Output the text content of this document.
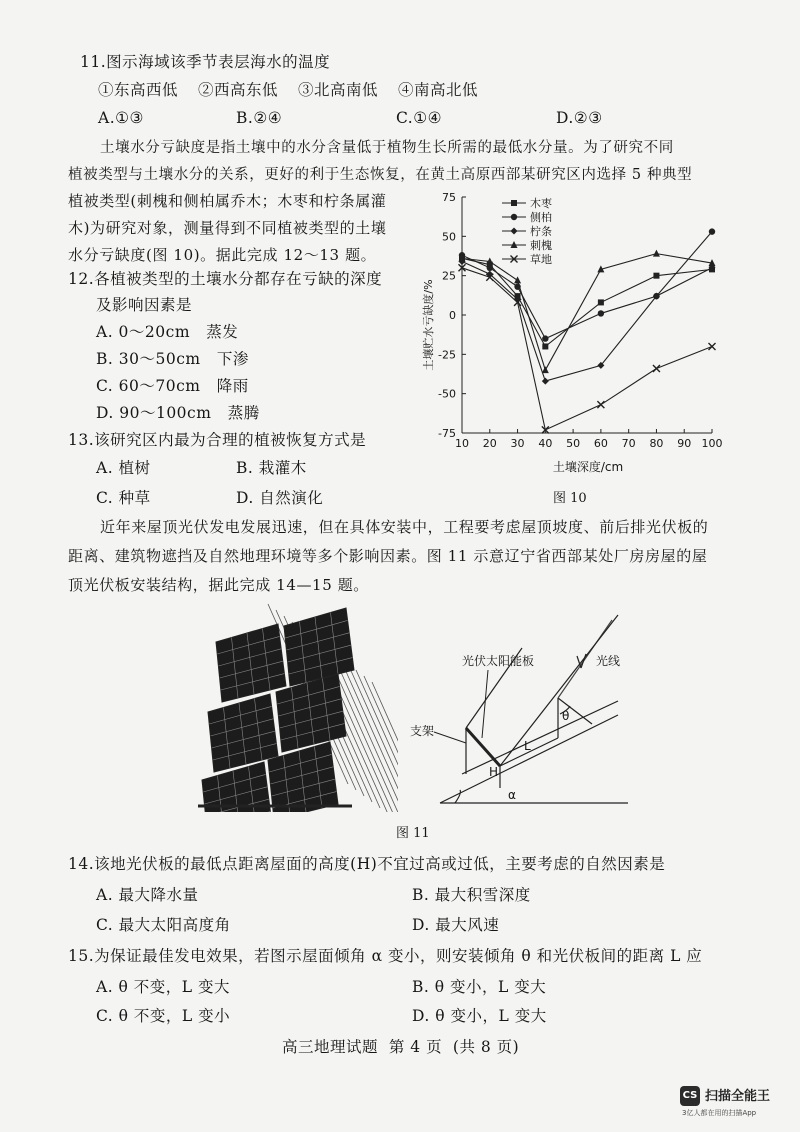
11.图示海域该季节表层海水的温度
①东高西低 ②西高东低 ③北高南低 ④南高北低
A.①③	B.②④	C.①④	D.②③
土壤水分亏缺度是指土壤中的水分含量低于植物生长所需的最低水分量。为了研究不同
植被类型与土壤水分的关系，更好的利于生态恢复，在黄土高原西部某研究区内选择 5 种典型
植被类型(刺槐和侧柏属乔木；木枣和柠条属灌
木)为研究对象，测量得到不同植被类型的土壤
水分亏缺度(图 10)。据此完成 12～13 题。
12.各植被类型的土壤水分都存在亏缺的深度
及影响因素是
A. 0～20cm   蒸发
B. 30～50cm   下渗
C. 60～70cm   降雨
D. 90～100cm   蒸腾
13.该研究区内最为合理的植被恢复方式是
A. 植树	B. 栽灌木
C. 种草	D. 自然演化
75
50
25
0
-25
-50
-75
10 20 30 40 50 60 70 80 90 100
木枣
侧柏
柠条
刺槐
草地
土壤深度/cm
土壤贮水亏缺度/%
图 10
近年来屋顶光伏发电发展迅速，但在具体安装中，工程要考虑屋顶坡度、前后排光伏板的
距离、建筑物遮挡及自然地理环境等多个影响因素。图 11 示意辽宁省西部某处厂房房屋的屋
顶光伏板安装结构，据此完成 14—15 题。
光伏太阳能板	光线
支架
H
L
θ
α
图 11
14.该地光伏板的最低点距离屋面的高度(H)不宜过高或过低，主要考虑的自然因素是
A. 最大降水量	B. 最大积雪深度
C. 最大太阳高度角	D. 最大风速
15.为保证最佳发电效果，若图示屋面倾角 α 变小，则安装倾角 θ 和光伏板间的距离 L 应
A. θ 不变，L 变大	B. θ 变小，L 变大
C. θ 不变，L 变小	D. θ 变小，L 变大
高三地理试题  第 4 页  (共 8 页)
CS 扫描全能王
3亿人都在用的扫描App
